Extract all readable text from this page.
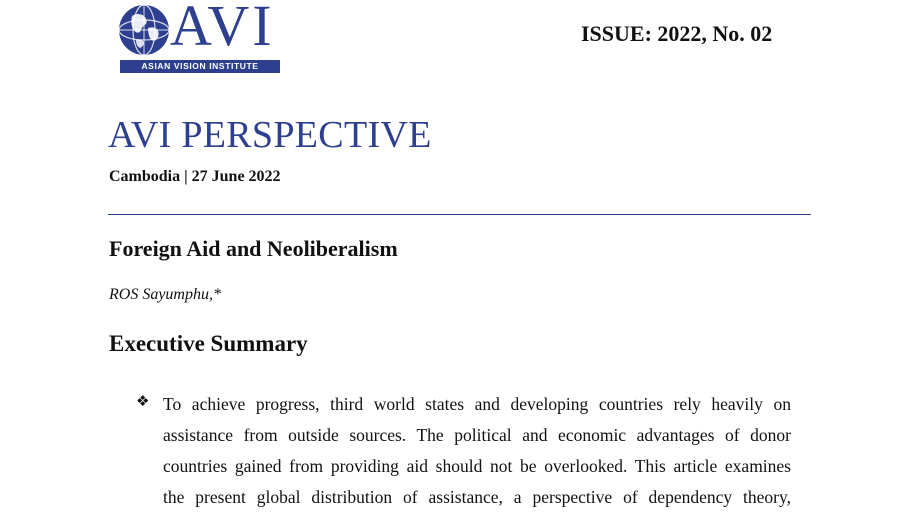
AVI
ASIAN VISION INSTITUTE
ISSUE: 2022, No. 02
AVI PERSPECTIVE
Cambodia | 27 June 2022
Foreign Aid and Neoliberalism
ROS Sayumphu,*
Executive Summary
❖ To achieve progress, third world states and developing countries rely heavily on
assistance from outside sources. The political and economic advantages of donor
countries gained from providing aid should not be overlooked. This article examines
the present global distribution of assistance, a perspective of dependency theory,
